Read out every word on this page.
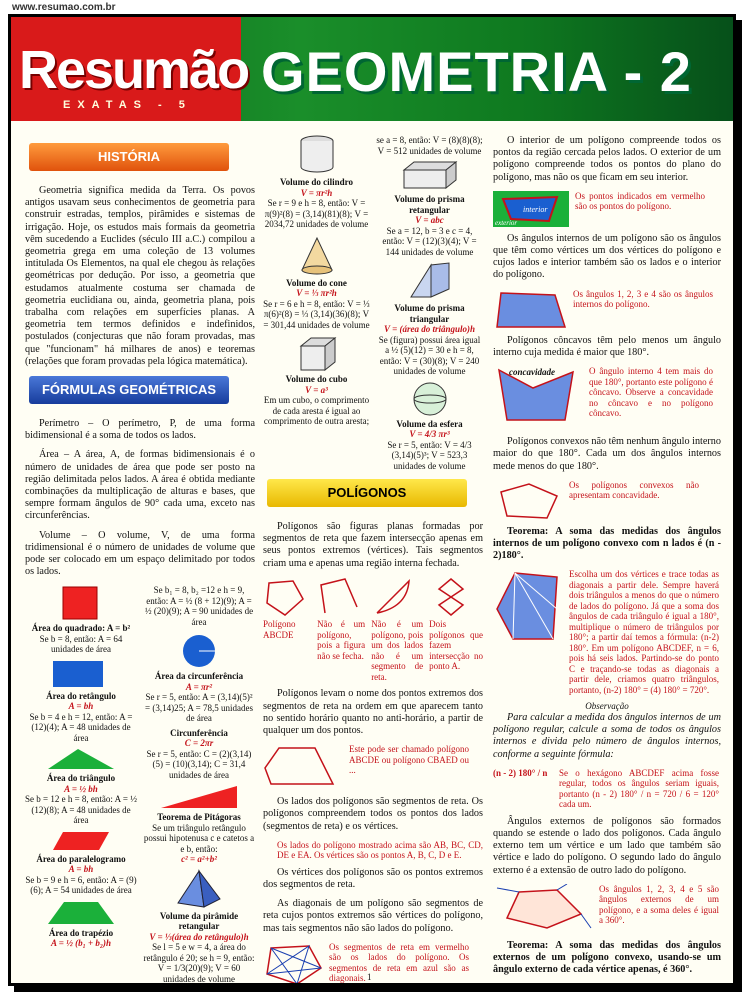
www.resumao.com.br
Resumão
EXATAS - 5
GEOMETRIA - 2
HISTÓRIA

Geometria significa medida da Terra. Os povos antigos usavam seus conhecimentos de geometria para construir estradas, templos, pirâmides e sistemas de irrigação. Hoje, os estudos mais formais da geometria vêm sucedendo a Euclides (século III a.C.) compilou a geometria grega em uma coleção de 13 volumes intitulada Os Elementos, na qual ele chegou às relações geométricas por dedução. Por isso, a geometria que estudamos atualmente costuma ser chamada de geometria euclidiana ou, ainda, geometria plana, pois trabalha com relações em superfícies planas. A geometria tem termos definidos e indefinidos, postulados (conjecturas que não foram provadas, mas que "funcionam" há milhares de anos) e teoremas (relações que foram provadas pela lógica matemática).

FÓRMULAS GEOMÉTRICAS

Perímetro – O perímetro, P, de uma forma bidimensional é a soma de todos os lados.

Área – A área, A, de formas bidimensionais é o número de unidades de área que pode ser posto na região delimitada pelos lados. A área é obtida mediante combinações da multiplicação de alturas e bases, que sempre formam ângulos de 90° cada uma, exceto nas circunferências.

Volume – O volume, V, de uma forma tridimensional é o número de unidades de volume que pode ser colocado em um espaço delimitado por todos os lados.

Área do quadrado: A = b²
Se b = 8, então: A = 64 unidades de área
Área do retângulo
A = bh
Se b = 4 e h = 12, então: A = (12)(4); A = 48 unidades de área
Área do triângulo
A = ½ bh
Se b = 12 e h = 8, então: A = ½ (12)(8); A = 48 unidades de área
Área do paralelogramo
A = bh
Se b = 9 e h = 6, então: A = (9)(6); A = 54 unidades de área
Área do trapézio
A = ½ (b₁ + b₂)h
Se b₁ = 8, b₂ =12 e h = 9, então: A = ½ (8 + 12)(9); A = ½ (20)(9); A = 90 unidades de área
Área da circunferência
A = πr²
Se r = 5, então: A = (3,14)(5)² = (3,14)25; A = 78,5 unidades de área
Circunferência
C = 2πr
Se r = 5, então: C = (2)(3,14)(5) = (10)(3,14); C = 31,4 unidades de área
Teorema de Pitágoras
Se um triângulo retângulo possui hipotenusa c e catetos a e b, então:
c² = a²+b²
Volume da pirâmide retangular
V = ⅓(área do retângulo)h
Se l = 5 e w = 4, a área do retângulo é 20; se h = 9, então: V = 1/3(20)(9); V = 60 unidades de volume
Volume do cilindro
V = πr²h
Se r = 9 e h = 8, então: V = π(9)²(8) = (3,14)(81)(8); V = 2034,72 unidades de volume
Volume do cone
V = ⅓ πr²h
Se r = 6 e h = 8, então: V = ⅓ π(6)²(8) = ⅓ (3,14)(36)(8); V = 301,44 unidades de volume
Volume do cubo
V = a³
Em um cubo, o comprimento de cada aresta é igual ao comprimento de outra aresta;
se a = 8, então: V = (8)(8)(8); V = 512 unidades de volume
Volume do prisma retangular
V = abc
Se a = 12, b = 3 e c = 4, então: V = (12)(3)(4); V = 144 unidades de volume
Volume do prisma triangular
V = (área do triângulo)h
Se (figura) possui área igual a ½ (5)(12) = 30 e h = 8, então: V = (30)(8); V = 240 unidades de volume
Volume da esfera
V = 4/3 πr³
Se r = 5, então: V = 4/3 (3,14)(5)³; V = 523,3 unidades de volume
POLÍGONOS

Polígonos são figuras planas formadas por segmentos de reta que fazem intersecção apenas em seus pontos extremos (vértices). Tais segmentos criam uma e apenas uma região interna fechada.

Polígono ABCDE
Não é um polígono, pois a figura não se fecha.
Não é um polígono, pois um dos lados não é um segmento de reta.
Dois polígonos que fazem intersecção no ponto A.

Polígonos levam o nome dos pontos extremos dos segmentos de reta na ordem em que aparecem tanto no sentido horário quanto no anti-horário, a partir de qualquer um dos pontos.

Este pode ser chamado polígono ABCDE ou polígono CBAED ou ...

Os lados dos polígonos são segmentos de reta. Os polígonos compreendem todos os pontos dos lados (segmentos de reta) e os vértices.

Os lados do polígono mostrado acima são AB, BC, CD, DE e EA. Os vértices são os pontos A, B, C, D e E.

Os vértices dos polígonos são os pontos extremos dos segmentos de reta.

As diagonais de um polígono são segmentos de reta cujos pontos extremos são vértices do polígono, mas tais segmentos não são lados do polígono.

Os segmentos de reta em vermelho são os lados do polígono. Os segmentos de reta em azul são as diagonais.

O interior de um polígono compreende todos os pontos da região cercada pelos lados. O exterior de um polígono compreende todos os pontos do plano do polígono, mas não os que ficam em seu interior.

interior
exterior
Os pontos indicados em vermelho são os pontos do polígono.

Os ângulos internos de um polígono são os ângulos que têm como vértices um dos vértices do polígono e cujos lados e interior também são os lados e o interior do polígono.

Os ângulos 1, 2, 3 e 4 são os ângulos internos do polígono.

Polígonos côncavos têm pelo menos um ângulo interno cuja medida é maior que 180°.

concavidade	O ângulo interno 4 tem mais do que 180°, portanto este polígono é côncavo. Observe a concavidade no côncavo e no polígono côncavo.

Polígonos convexos não têm nenhum ângulo interno maior do que 180°. Cada um dos ângulos internos mede menos do que 180°.

Os polígonos convexos não apresentam concavidade.

Teorema: A soma das medidas dos ângulos internos de um polígono convexo com n lados é (n - 2)180°.

Escolha um dos vértices e trace todas as diagonais a partir dele. Sempre haverá dois triângulos a menos do que o número de lados do polígono. Já que a soma dos ângulos de cada triângulo é igual a 180°, multiplique o número de triângulos por 180°; a partir daí temos a fórmula: (n-2) 180°. Em um polígono ABCDEF, n = 6, pois há seis lados. Partindo-se do ponto C e traçando-se todas as diagonais a partir dele, criamos quatro triângulos, portanto, (n-2) 180° = (4) 180° = 720°.
Observação

Para calcular a medida dos ângulos internos de um polígono regular, calcule a soma de todos os ângulos internos e divida pelo número de ângulos internos, conforme a seguinte fórmula:

(n - 2) 180° / n	Se o hexágono ABCDEF acima fosse regular, todos os ângulos seriam iguais, portanto (n - 2) 180° / n = 720 / 6 = 120° cada um.

Ângulos externos de polígonos são formados quando se estende o lado dos polígonos. Cada ângulo externo tem um vértice e um lado que também são vértice e lado do polígono. O segundo lado do ângulo externo é a extensão de outro lado do polígono.

Os ângulos 1, 2, 3, 4 e 5 são ângulos externos de um polígono, e a soma deles é igual a 360°.

Teorema: A soma das medidas dos ângulos externos de um polígono convexo, usando-se um ângulo externo de cada vértice apenas, é 360°.

1
